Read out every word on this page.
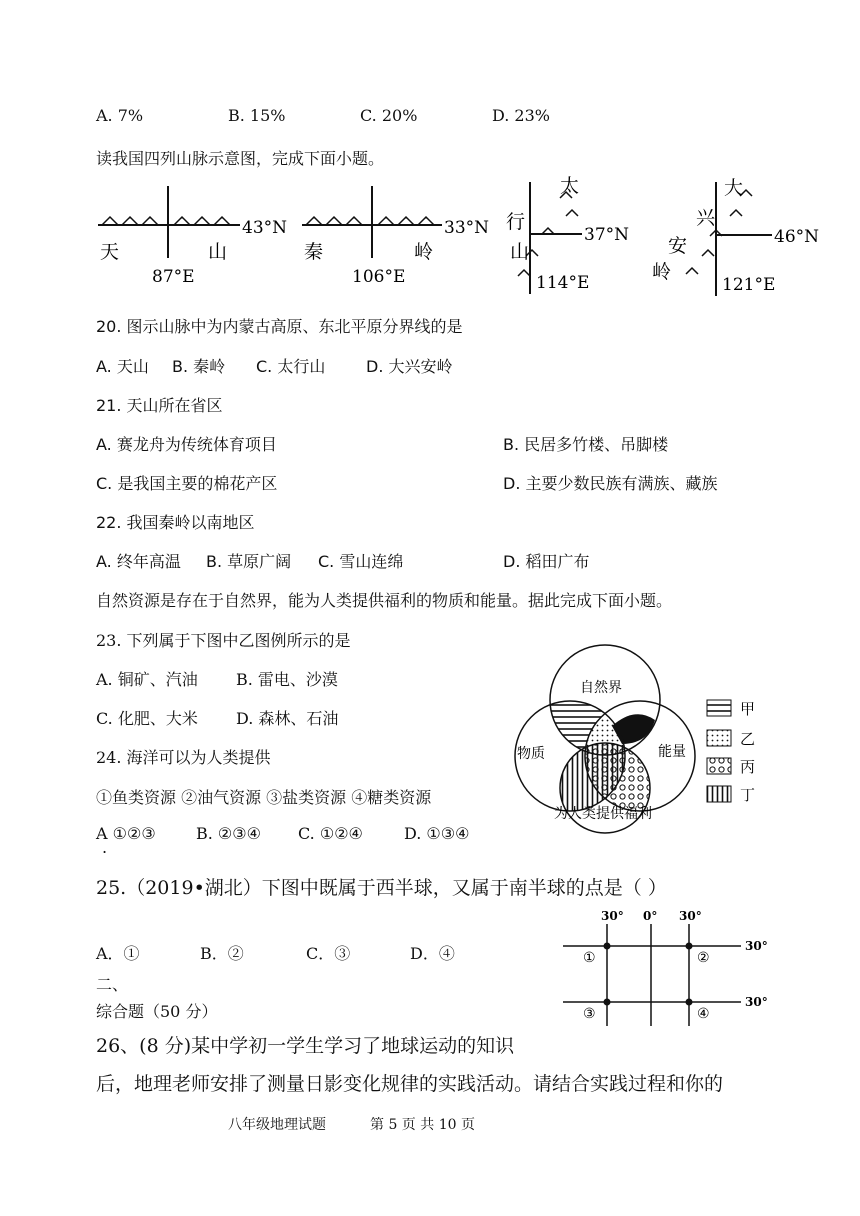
A. 7%	B. 15%	C. 20%	D. 23%
读我国四列山脉示意图，完成下面小题。
43°N
天	山
87°E
33°N
秦	岭
106°E
太
行
山
37°N
114°E
大
兴
安
岭
46°N
121°E
20. 图示山脉中为内蒙古高原、东北平原分界线的是
A. 天山 B. 秦岭 C. 太行山	D. 大兴安岭
21. 天山所在省区
A. 赛龙舟为传统体育项目	B. 民居多竹楼、吊脚楼
C. 是我国主要的棉花产区	D. 主要少数民族有满族、藏族
22. 我国秦岭以南地区
A. 终年高温 B. 草原广阔 C. 雪山连绵	D. 稻田广布
自然资源是存在于自然界，能为人类提供福利的物质和能量。据此完成下面小题。
23. 下列属于下图中乙图例所示的是
A. 铜矿、汽油 B. 雷电、沙漠
C. 化肥、大米 D. 森林、石油
24. 海洋可以为人类提供
①鱼类资源 ②油气资源 ③盐类资源 ④糖类资源
A ①②③	B. ②③④ C. ①②④	D. ①③④
.
自然界
物质	能量
为人类提供福利
甲
乙
丙
丁
25.（2019•湖北）下图中既属于西半球，又属于南半球的点是（ ）
A．①	B．②	C．③	D．④
30° 0° 30°
30°
30°
①	②
③	④
二、
综合题（50 分）
26、(8 分)某中学初一学生学习了地球运动的知识
后，地理老师安排了测量日影变化规律的实践活动。请结合实践过程和你的
八年级地理试题	第 5 页 共 10 页
